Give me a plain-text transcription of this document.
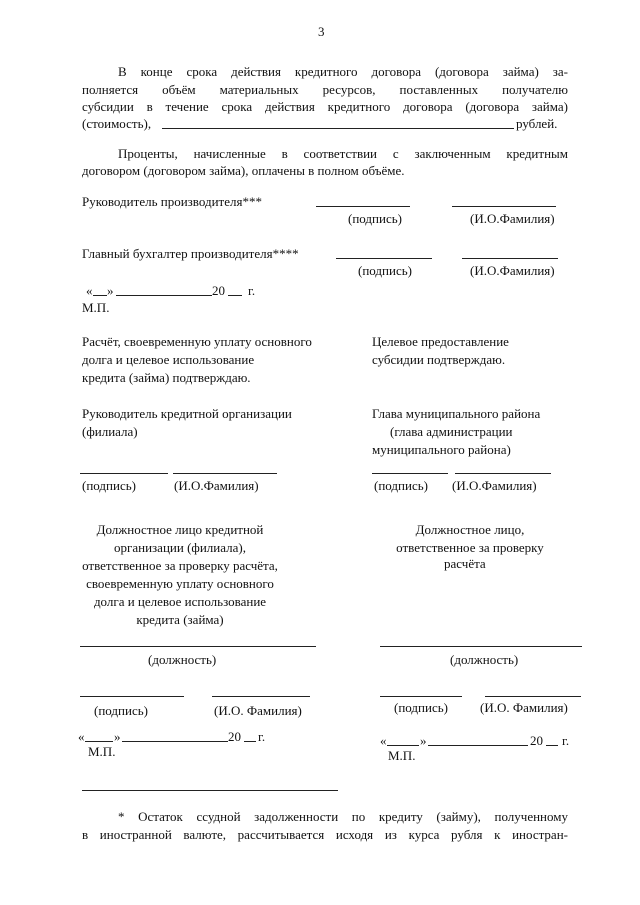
3
В конце срока действия кредитного договора (договора займа) за-
полняется объём материальных ресурсов, поставленных получателю
субсидии в течение срока действия кредитного договора (договора займа)
(стоимость),	рублей.
Проценты, начисленные в соответствии с заключенным кредитным
договором (договором займа), оплачены в полном объёме.
Руководитель производителя***
(подпись)	(И.О.Фамилия)
Главный бухгалтер производителя****
(подпись)	(И.О.Фамилия)
« »	20 г.
М.П.
Расчёт, своевременную уплату основного
долга и целевое использование
кредита (займа) подтверждаю.
Целевое предоставление
субсидии подтверждаю.
Руководитель кредитной организации
(филиала)
(подпись)	(И.О.Фамилия)
Глава муниципального района
(глава администрации
муниципального района)
(подпись) (И.О.Фамилия)
Должностное лицо кредитной
организации (филиала),
ответственное за проверку расчёта,
своевременную уплату основного
долга и целевое использование
кредита (займа)
(должность)
(подпись)	(И.О. Фамилия)
« »	20 г.
М.П.
Должностное лицо,
ответственное за проверку
расчёта
(должность)
(подпись) (И.О. Фамилия)
«	»	20 г.
М.П.
* Остаток ссудной задолженности по кредиту (займу), полученному
в иностранной валюте, рассчитывается исходя из курса рубля к иностран-
